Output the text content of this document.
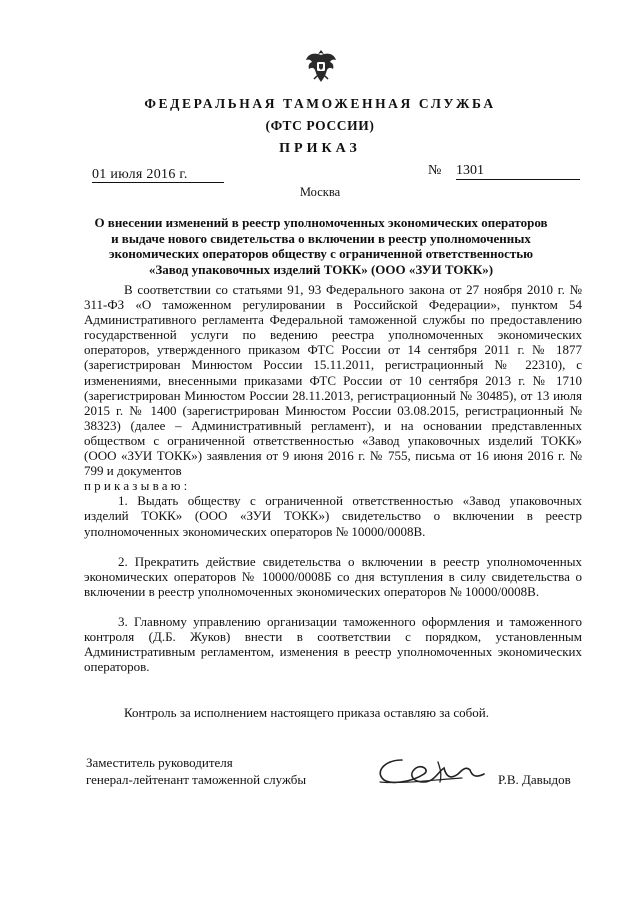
ФЕДЕРАЛЬНАЯ ТАМОЖЕННАЯ СЛУЖБА
(ФТС РОССИИ)
ПРИКАЗ
01 июля 2016 г.	№ 1301
Москва
О внесении изменений в реестр уполномоченных экономических операторов и выдаче нового свидетельства о включении в реестр уполномоченных экономических операторов обществу с ограниченной ответственностью «Завод упаковочных изделий ТОКК» (ООО «ЗУИ ТОКК»)

В соответствии со статьями 91, 93 Федерального закона от 27 ноября 2010 г. № 311-ФЗ «О таможенном регулировании в Российской Федерации», пунктом 54 Административного регламента Федеральной таможенной службы по предоставлению государственной услуги по ведению реестра уполномоченных экономических операторов, утвержденного приказом ФТС России от 14 сентября 2011 г. № 1877 (зарегистрирован Минюстом России 15.11.2011, регистрационный № 22310), с изменениями, внесенными приказами ФТС России от 10 сентября 2013 г. № 1710 (зарегистрирован Минюстом России 28.11.2013, регистрационный № 30485), от 13 июля 2015 г. № 1400 (зарегистрирован Минюстом России 03.08.2015, регистрационный № 38323) (далее – Административный регламент), и на основании представленных обществом с ограниченной ответственностью «Завод упаковочных изделий ТОКК» (ООО «ЗУИ ТОКК») заявления от 9 июня 2016 г. № 755, письма от 16 июня 2016 г. № 799 и документов

приказываю:

1. Выдать обществу с ограниченной ответственностью «Завод упаковочных изделий ТОКК» (ООО «ЗУИ ТОКК») свидетельство о включении в реестр уполномоченных экономических операторов № 10000/0008В.

2. Прекратить действие свидетельства о включении в реестр уполномоченных экономических операторов № 10000/0008Б со дня вступления в силу свидетельства о включении в реестр уполномоченных экономических операторов № 10000/0008В.

3. Главному управлению организации таможенного оформления и таможенного контроля (Д.Б. Жуков) внести в соответствии с порядком, установленным Административным регламентом, изменения в реестр уполномоченных экономических операторов.

Контроль за исполнением настоящего приказа оставляю за собой.
Заместитель руководителя
генерал-лейтенант таможенной службы	Р.В. Давыдов
